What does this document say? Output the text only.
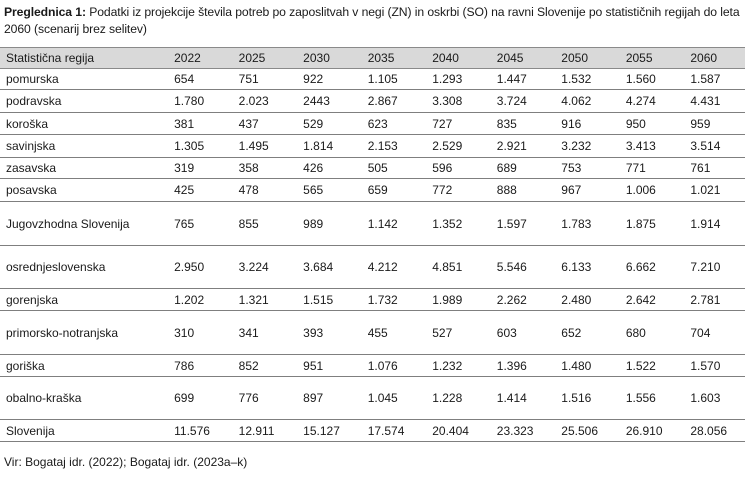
Preglednica 1: Podatki iz projekcije števila potreb po zaposlitvah v negi (ZN) in oskrbi (SO) na ravni Slovenije po statističnih regijah do leta 2060 (scenarij brez selitev)
Statistična regija	2022	2025	2030	2035	2040	2045	2050	2055	2060
pomurska	654	751	922	1.105	1.293	1.447	1.532	1.560	1.587
podravska	1.780	2.023	2443	2.867	3.308	3.724	4.062	4.274	4.431
koroška	381	437	529	623	727	835	916	950	959
savinjska	1.305	1.495	1.814	2.153	2.529	2.921	3.232	3.413	3.514
zasavska	319	358	426	505	596	689	753	771	761
posavska	425	478	565	659	772	888	967	1.006	1.021
Jugovzhodna Slovenija	765	855	989	1.142	1.352	1.597	1.783	1.875	1.914
osrednjeslovenska	2.950	3.224	3.684	4.212	4.851	5.546	6.133	6.662	7.210
gorenjska	1.202	1.321	1.515	1.732	1.989	2.262	2.480	2.642	2.781
primorsko-notranjska	310	341	393	455	527	603	652	680	704
goriška	786	852	951	1.076	1.232	1.396	1.480	1.522	1.570
obalno-kraška	699	776	897	1.045	1.228	1.414	1.516	1.556	1.603
Slovenija	11.576	12.911	15.127	17.574	20.404	23.323	25.506	26.910	28.056
Vir: Bogataj idr. (2022); Bogataj idr. (2023a–k)
